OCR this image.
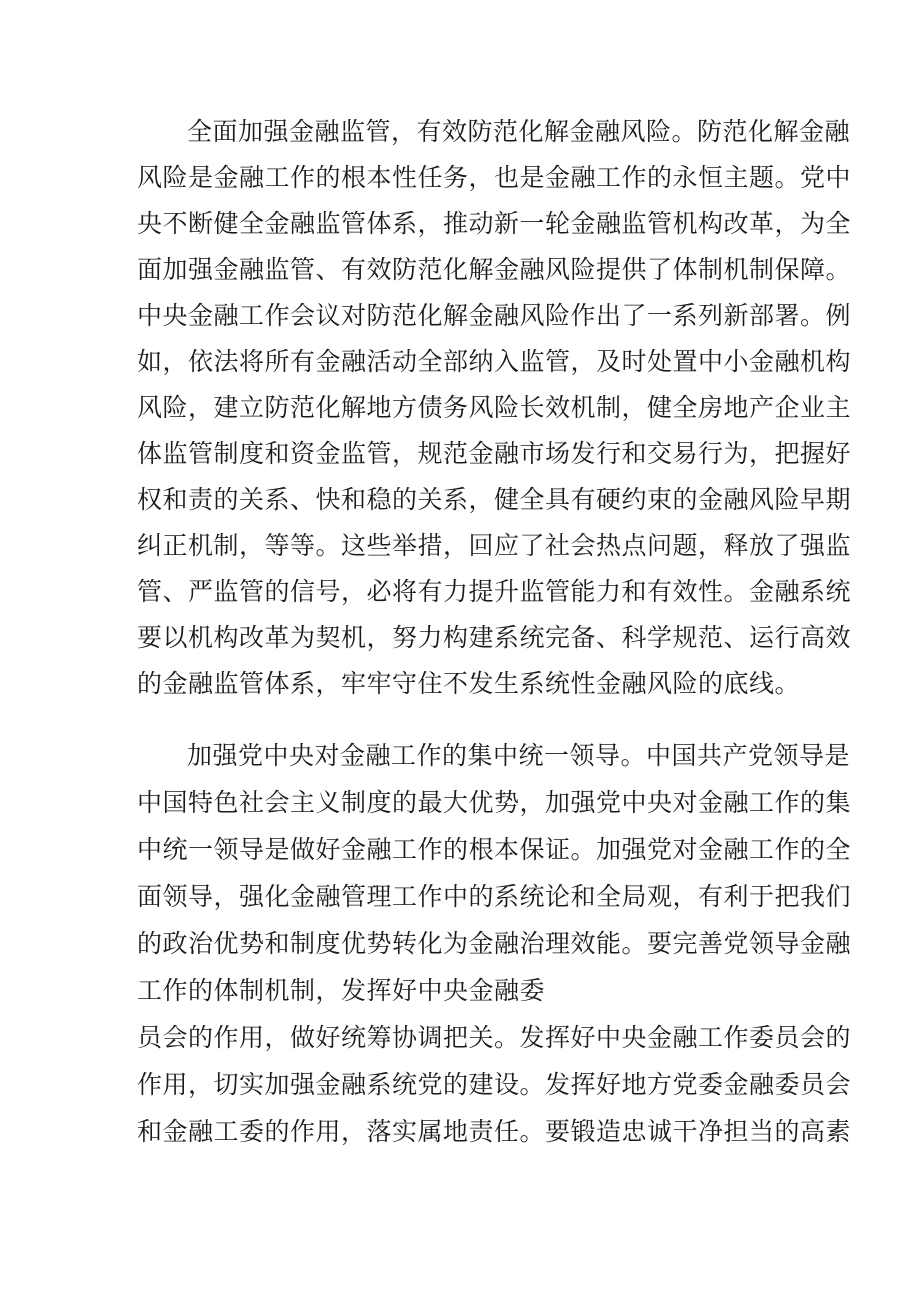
全面加强金融监管，有效防范化解金融风险。防范化解金融
风险是金融工作的根本性任务，也是金融工作的永恒主题。党中
央不断健全金融监管体系，推动新一轮金融监管机构改革，为全
面加强金融监管、有效防范化解金融风险提供了体制机制保障。
中央金融工作会议对防范化解金融风险作出了一系列新部署。例
如，依法将所有金融活动全部纳入监管，及时处置中小金融机构
风险，建立防范化解地方债务风险长效机制，健全房地产企业主
体监管制度和资金监管，规范金融市场发行和交易行为，把握好
权和责的关系、快和稳的关系，健全具有硬约束的金融风险早期
纠正机制，等等。这些举措，回应了社会热点问题，释放了强监
管、严监管的信号，必将有力提升监管能力和有效性。金融系统
要以机构改革为契机，努力构建系统完备、科学规范、运行高效
的金融监管体系，牢牢守住不发生系统性金融风险的底线。
加强党中央对金融工作的集中统一领导。中国共产党领导是
中国特色社会主义制度的最大优势，加强党中央对金融工作的集
中统一领导是做好金融工作的根本保证。加强党对金融工作的全
面领导，强化金融管理工作中的系统论和全局观，有利于把我们
的政治优势和制度优势转化为金融治理效能。要完善党领导金融
工作的体制机制，发挥好中央金融委
员会的作用，做好统筹协调把关。发挥好中央金融工作委员会的
作用，切实加强金融系统党的建设。发挥好地方党委金融委员会
和金融工委的作用，落实属地责任。要锻造忠诚干净担当的高素
